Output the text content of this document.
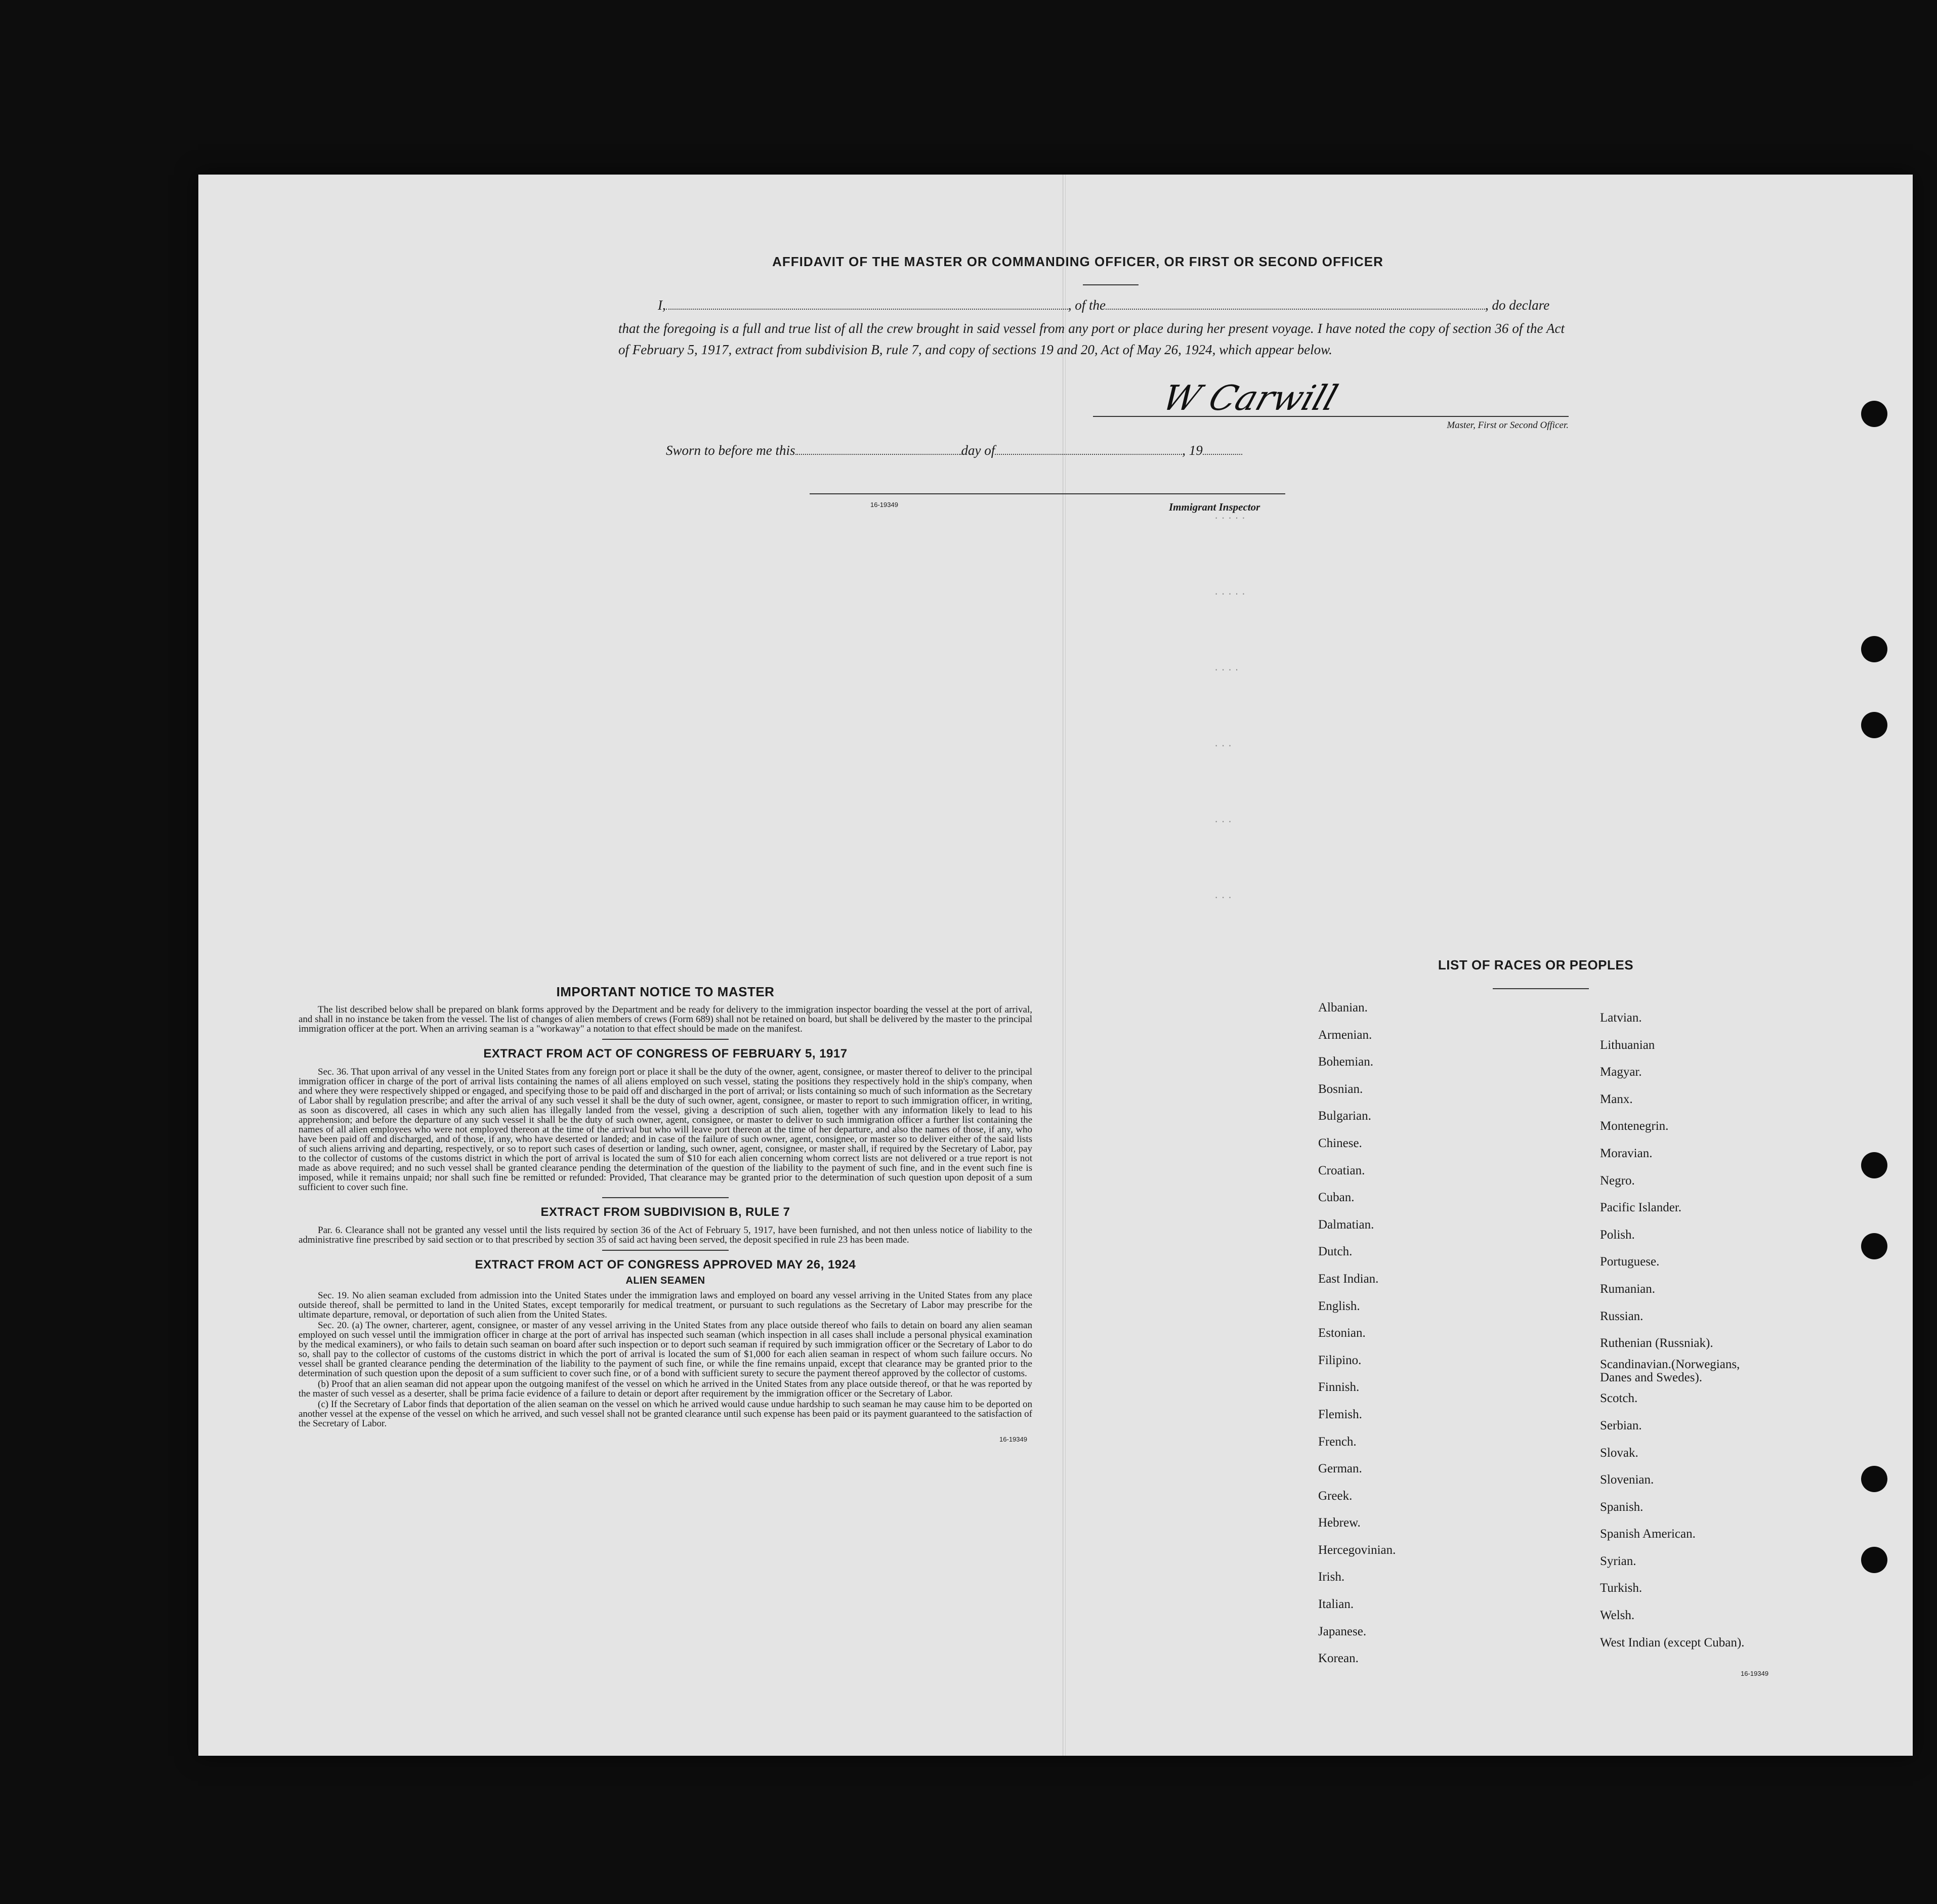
AFFIDAVIT OF THE MASTER OR COMMANDING OFFICER, OR FIRST OR SECOND OFFICER
I,	, of the	, do declare
that the foregoing is a full and true list of all the crew brought in said vessel from any port or place during her present voyage. I have noted the copy of section 36 of the Act of February 5, 1917, extract from subdivision B, rule 7, and copy of sections 19 and 20, Act of May 26, 1924, which appear below.
W Carwill
Master, First or Second Officer.
Sworn to before me this	day of	, 19
16-19349	Immigrant Inspector
· · · · ·
· · · · ·
· · · ·
· · ·
· · ·
· · ·
IMPORTANT NOTICE TO MASTER

The list described below shall be prepared on blank forms approved by the Department and be ready for delivery to the immigration inspector boarding the vessel at the port of arrival, and shall in no instance be taken from the vessel. The list of changes of alien members of crews (Form 689) shall not be retained on board, but shall be delivered by the master to the principal immigration officer at the port. When an arriving seaman is a "workaway" a notation to that effect should be made on the manifest.

EXTRACT FROM ACT OF CONGRESS OF FEBRUARY 5, 1917

Sec. 36. That upon arrival of any vessel in the United States from any foreign port or place it shall be the duty of the owner, agent, consignee, or master thereof to deliver to the principal immigration officer in charge of the port of arrival lists containing the names of all aliens employed on such vessel, stating the positions they respectively hold in the ship's company, when and where they were respectively shipped or engaged, and specifying those to be paid off and discharged in the port of arrival; or lists containing so much of such information as the Secretary of Labor shall by regulation prescribe; and after the arrival of any such vessel it shall be the duty of such owner, agent, consignee, or master to report to such immigration officer, in writing, as soon as discovered, all cases in which any such alien has illegally landed from the vessel, giving a description of such alien, together with any information likely to lead to his apprehension; and before the departure of any such vessel it shall be the duty of such owner, agent, consignee, or master to deliver to such immigration officer a further list containing the names of all alien employees who were not employed thereon at the time of the arrival but who will leave port thereon at the time of her departure, and also the names of those, if any, who have been paid off and discharged, and of those, if any, who have deserted or landed; and in case of the failure of such owner, agent, consignee, or master so to deliver either of the said lists of such aliens arriving and departing, respectively, or so to report such cases of desertion or landing, such owner, agent, consignee, or master shall, if required by the Secretary of Labor, pay to the collector of customs of the customs district in which the port of arrival is located the sum of $10 for each alien concerning whom correct lists are not delivered or a true report is not made as above required; and no such vessel shall be granted clearance pending the determination of the question of the liability to the payment of such fine, and in the event such fine is imposed, while it remains unpaid; nor shall such fine be remitted or refunded: Provided, That clearance may be granted prior to the determination of such question upon deposit of a sum sufficient to cover such fine.

EXTRACT FROM SUBDIVISION B, RULE 7

Par. 6. Clearance shall not be granted any vessel until the lists required by section 36 of the Act of February 5, 1917, have been furnished, and not then unless notice of liability to the administrative fine prescribed by said section or to that prescribed by section 35 of said act having been served, the deposit specified in rule 23 has been made.

EXTRACT FROM ACT OF CONGRESS APPROVED MAY 26, 1924
ALIEN SEAMEN

Sec. 19. No alien seaman excluded from admission into the United States under the immigration laws and employed on board any vessel arriving in the United States from any place outside thereof, shall be permitted to land in the United States, except temporarily for medical treatment, or pursuant to such regulations as the Secretary of Labor may prescribe for the ultimate departure, removal, or deportation of such alien from the United States.

Sec. 20. (a) The owner, charterer, agent, consignee, or master of any vessel arriving in the United States from any place outside thereof who fails to detain on board any alien seaman employed on such vessel until the immigration officer in charge at the port of arrival has inspected such seaman (which inspection in all cases shall include a personal physical examination by the medical examiners), or who fails to detain such seaman on board after such inspection or to deport such seaman if required by such immigration officer or the Secretary of Labor to do so, shall pay to the collector of customs of the customs district in which the port of arrival is located the sum of $1,000 for each alien seaman in respect of whom such failure occurs. No vessel shall be granted clearance pending the determination of the liability to the payment of such fine, or while the fine remains unpaid, except that clearance may be granted prior to the determination of such question upon the deposit of a sum sufficient to cover such fine, or of a bond with sufficient surety to secure the payment thereof approved by the collector of customs.

(b) Proof that an alien seaman did not appear upon the outgoing manifest of the vessel on which he arrived in the United States from any place outside thereof, or that he was reported by the master of such vessel as a deserter, shall be prima facie evidence of a failure to detain or deport after requirement by the immigration officer or the Secretary of Labor.

(c) If the Secretary of Labor finds that deportation of the alien seaman on the vessel on which he arrived would cause undue hardship to such seaman he may cause him to be deported on another vessel at the expense of the vessel on which he arrived, and such vessel shall not be granted clearance until such expense has been paid or its payment guaranteed to the satisfaction of the Secretary of Labor.

16-19349
LIST OF RACES OR PEOPLES
Albanian.
Armenian.
Bohemian.
Bosnian.
Bulgarian.
Chinese.
Croatian.
Cuban.
Dalmatian.
Dutch.
East Indian.
English.
Estonian.
Filipino.
Finnish.
Flemish.
French.
German.
Greek.
Hebrew.
Hercegovinian.
Irish.
Italian.
Japanese.
Korean.
Latvian.
Lithuanian
Magyar.
Manx.
Montenegrin.
Moravian.
Negro.
Pacific Islander.
Polish.
Portuguese.
Rumanian.
Russian.
Ruthenian (Russniak).
Scandinavian.(Norwegians, Danes and Swedes).
Scotch.
Serbian.
Slovak.
Slovenian.
Spanish.
Spanish American.
Syrian.
Turkish.
Welsh.
West Indian (except Cuban).
16-19349
